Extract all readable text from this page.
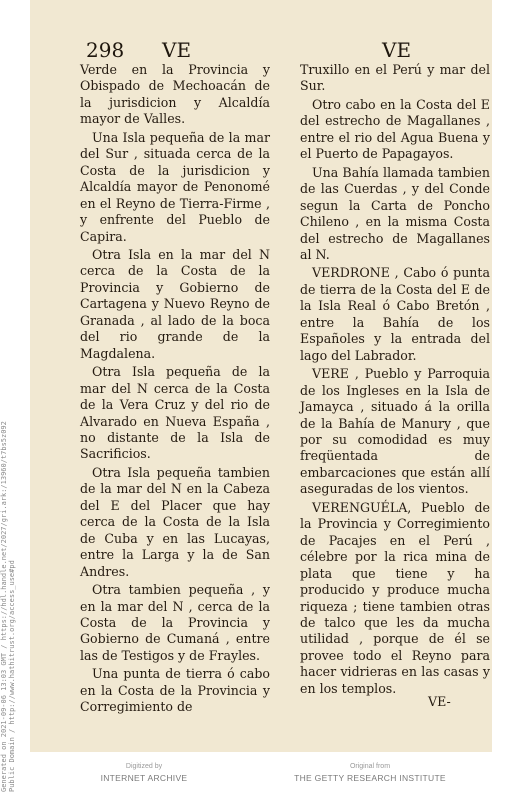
298 VE	VE

Verde en la Provincia y Obispado de Mechoacán de la jurisdicion y Alcaldía mayor de Valles.

Una Isla pequeña de la mar del Sur , situada cerca de la Costa de la jurisdicion y Alcaldía mayor de Penonomé en el Reyno de Tierra-Firme , y enfrente del Pueblo de Capira.

Otra Isla en la mar del N cerca de la Costa de la Provincia y Gobierno de Cartagena y Nuevo Reyno de Granada , al lado de la boca del rio grande de la Magdalena.

Otra Isla pequeña de la mar del N cerca de la Costa de la Vera Cruz y del rio de Alvarado en Nueva España , no distante de la Isla de Sacrificios.

Otra Isla pequeña tambien de la mar del N en la Cabeza del E del Placer que hay cerca de la Costa de la Isla de Cuba y en las Lucayas, entre la Larga y la de San Andres.

Otra tambien pequeña , y en la mar del N , cerca de la Costa de la Provincia y Gobierno de Cumaná , entre las de Testigos y de Frayles.

Una punta de tierra ó cabo en la Costa de la Provincia y Corregimiento de

Truxillo en el Perú y mar del Sur.

Otro cabo en la Costa del E del estrecho de Magallanes , entre el rio del Agua Buena y el Puerto de Papagayos.

Una Bahía llamada tambien de las Cuerdas , y del Conde segun la Carta de Poncho Chileno , en la misma Costa del estrecho de Magallanes al N.

VERDRONE , Cabo ó punta de tierra de la Costa del E de la Isla Real ó Cabo Bretón , entre la Bahía de los Españoles y la entrada del lago del Labrador.

VERE , Pueblo y Parroquia de los Ingleses en la Isla de Jamayca , situado á la orilla de la Bahía de Manury , que por su comodidad es muy freqüentada de embarcaciones que están allí aseguradas de los vientos.

VERENGUÉLA, Pueblo de la Provincia y Corregimiento de Pacajes en el Perú , célebre por la rica mina de plata que tiene y ha producido y produce mucha riqueza ; tiene tambien otras de talco que les da mucha utilidad , porque de él se provee todo el Reyno para hacer vidrieras en las casas y en los templos.

VE-
Generated on 2021-09-06 13:03 GMT / https://hdl.handle.net/2027/gri.ark:/13960/t7bs5z092 Public Domain / http://www.hathitrust.org/access_use#pd	Digitized by
INTERNET ARCHIVE
Original from
THE GETTY RESEARCH INSTITUTE
